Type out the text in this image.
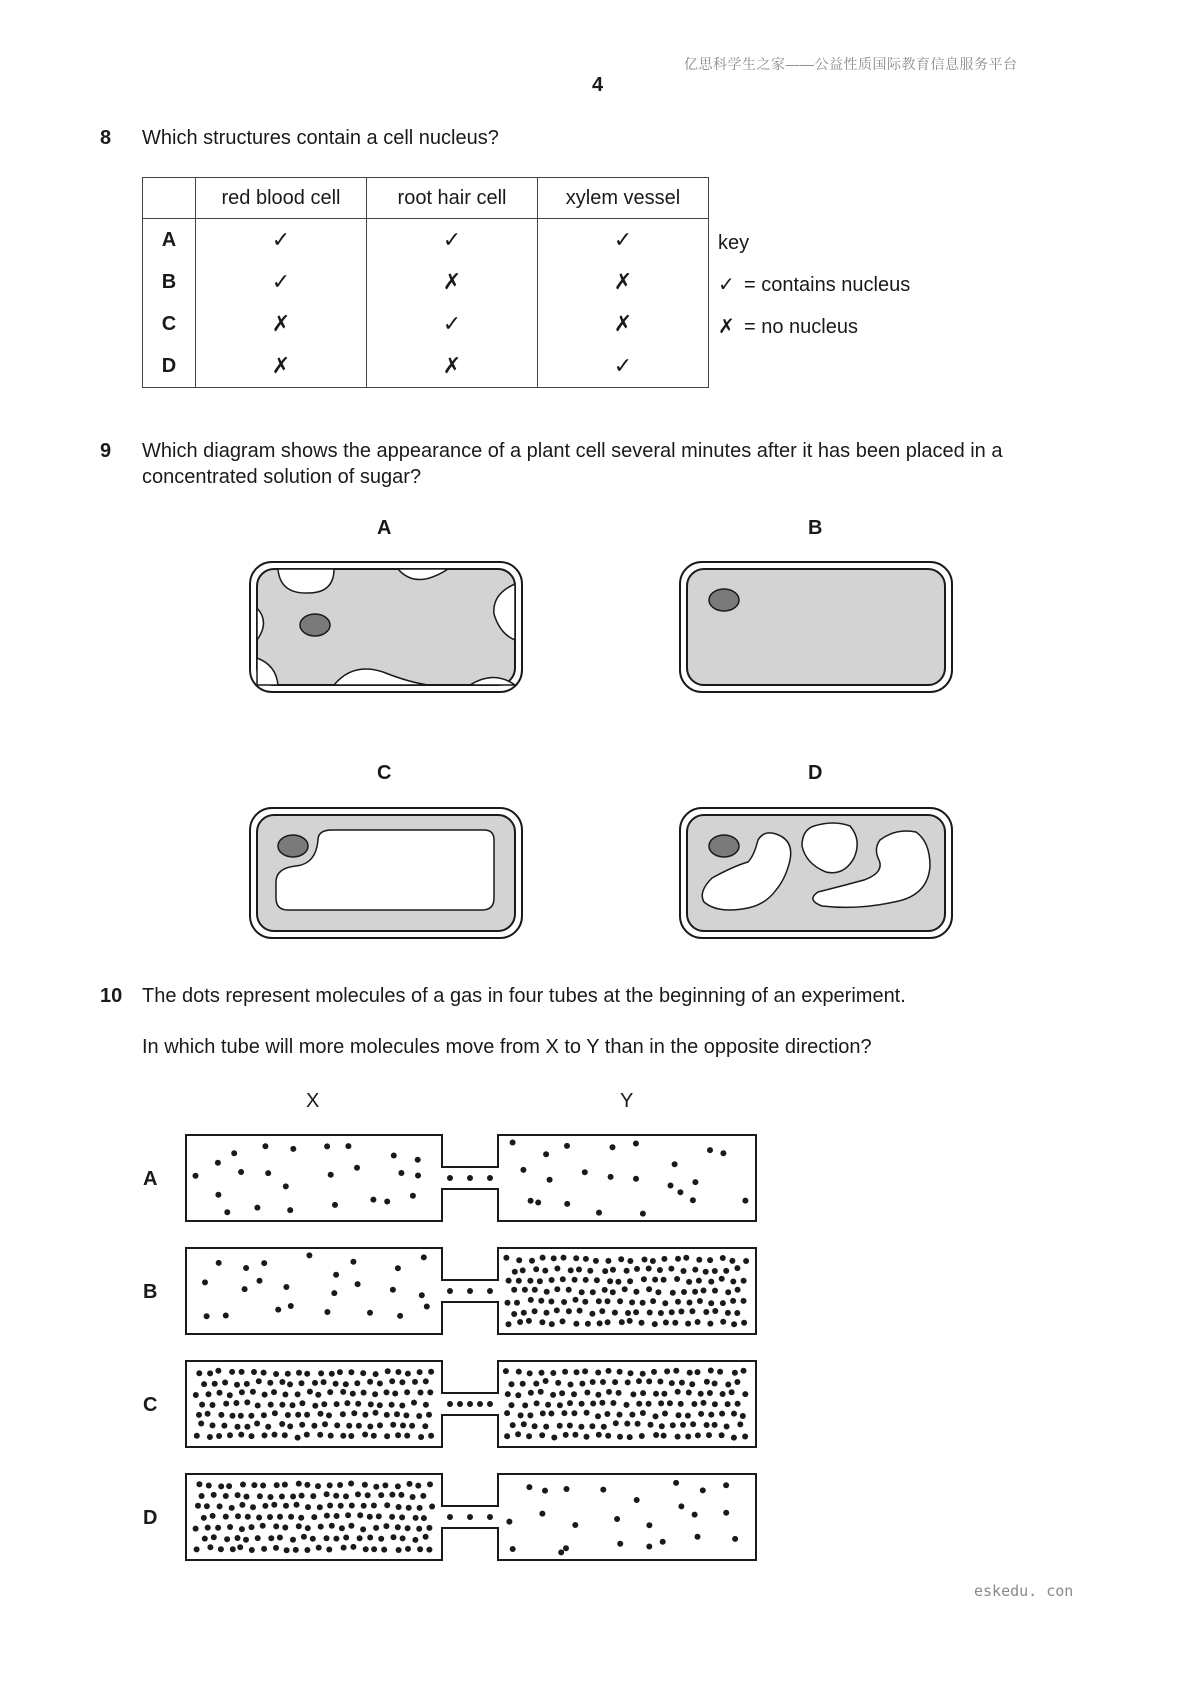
亿思科学生之家——公益性质国际教育信息服务平台
4
8 Which structures contain a cell nucleus?
	red blood cell	root hair cell	xylem vessel
A	✓	✓	✓
B	✓	✗	✗
C	✗	✓	✗
D	✗	✗	✓
key
✓ = contains nucleus
✗ = no nucleus
9 Which diagram shows the appearance of a plant cell several minutes after it has been placed in a concentrated solution of sugar?
A	B
C	D
10 The dots represent molecules of a gas in four tubes at the beginning of an experiment.
In which tube will more molecules move from X to Y than in the opposite direction?
X	Y
A
B
C
D
eskedu. con
